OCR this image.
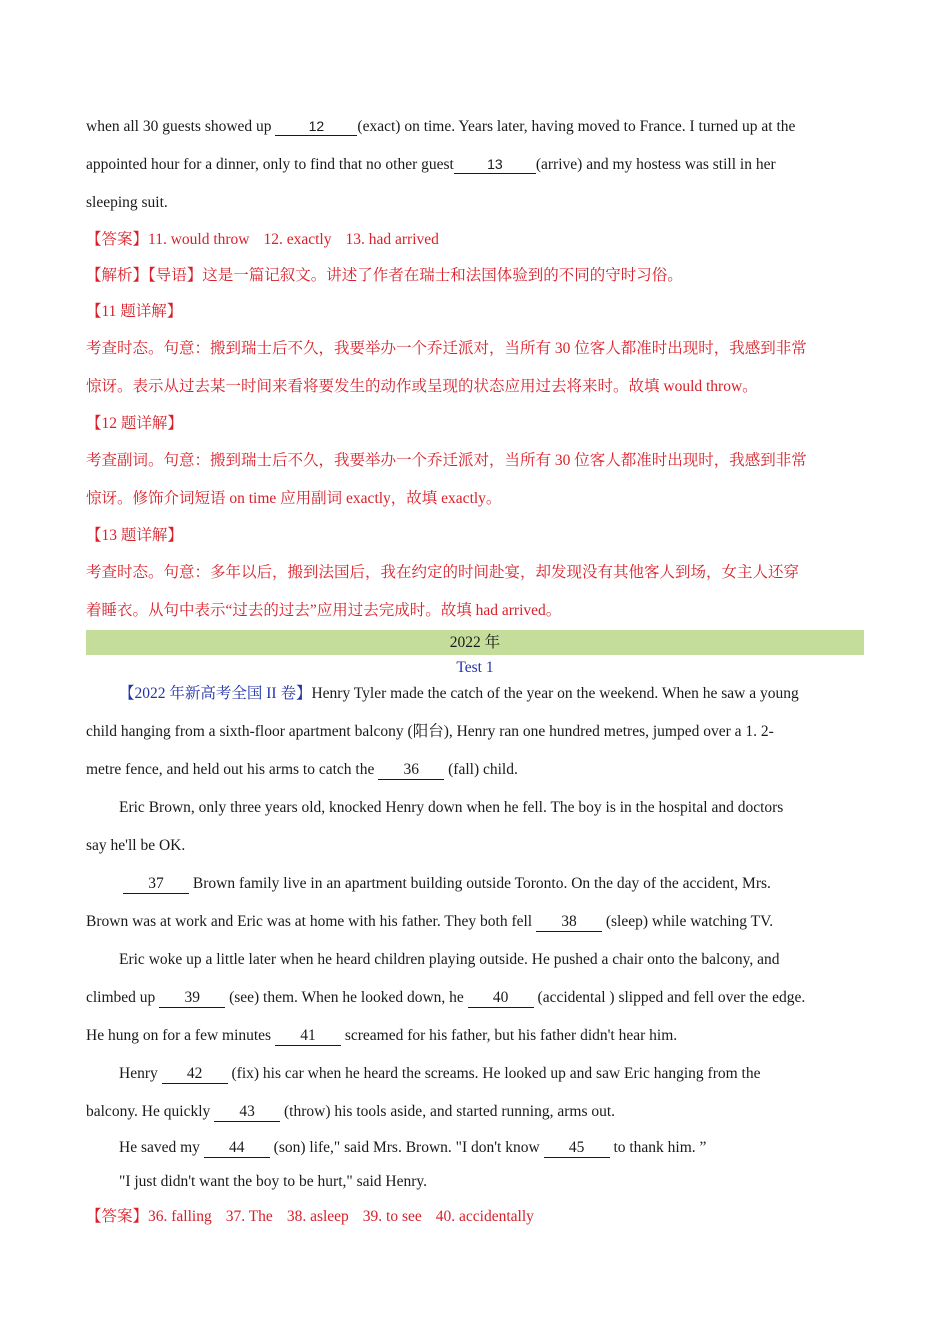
when all 30 guests showed up 12 (exact) on time. Years later, having moved to France. I turned up at the

appointed hour for a dinner, only to find that no other guest 13 (arrive) and my hostess was still in her

sleeping suit.

【答案】11. would throw 12. exactly 13. had arrived

【解析】【导语】这是一篇记叙文。讲述了作者在瑞士和法国体验到的不同的守时习俗。

【11 题详解】

考查时态。句意：搬到瑞士后不久，我要举办一个乔迁派对，当所有 30 位客人都准时出现时，我感到非常

惊讶。表示从过去某一时间来看将要发生的动作或呈现的状态应用过去将来时。故填 would throw。

【12 题详解】

考查副词。句意：搬到瑞士后不久，我要举办一个乔迁派对，当所有 30 位客人都准时出现时，我感到非常

惊讶。修饰介词短语 on time 应用副词 exactly，故填 exactly。

【13 题详解】

考查时态。句意：多年以后，搬到法国后，我在约定的时间赴宴，却发现没有其他客人到场，女主人还穿

着睡衣。从句中表示“过去的过去”应用过去完成时。故填 had arrived。

2022 年
Test 1

【2022 年新高考全国 II 卷】Henry Tyler made the catch of the year on the weekend. When he saw a young

child hanging from a sixth-floor apartment balcony (阳台), Henry ran one hundred metres, jumped over a 1. 2-

metre fence, and held out his arms to catch the 36 (fall) child.

Eric Brown, only three years old, knocked Henry down when he fell. The boy is in the hospital and doctors

say he'll be OK.

37 Brown family live in an apartment building outside Toronto. On the day of the accident, Mrs.

Brown was at work and Eric was at home with his father. They both fell 38 (sleep) while watching TV.

Eric woke up a little later when he heard children playing outside. He pushed a chair onto the balcony, and

climbed up 39 (see) them. When he looked down, he 40 (accidental ) slipped and fell over the edge.

He hung on for a few minutes 41 screamed for his father, but his father didn't hear him.

Henry 42 (fix) his car when he heard the screams. He looked up and saw Eric hanging from the

balcony. He quickly 43 (throw) his tools aside, and started running, arms out.

He saved my 44 (son) life," said Mrs. Brown. "I don't know 45 to thank him. ”

"I just didn't want the boy to be hurt," said Henry.

【答案】36. falling 37. The 38. asleep 39. to see 40. accidentally
